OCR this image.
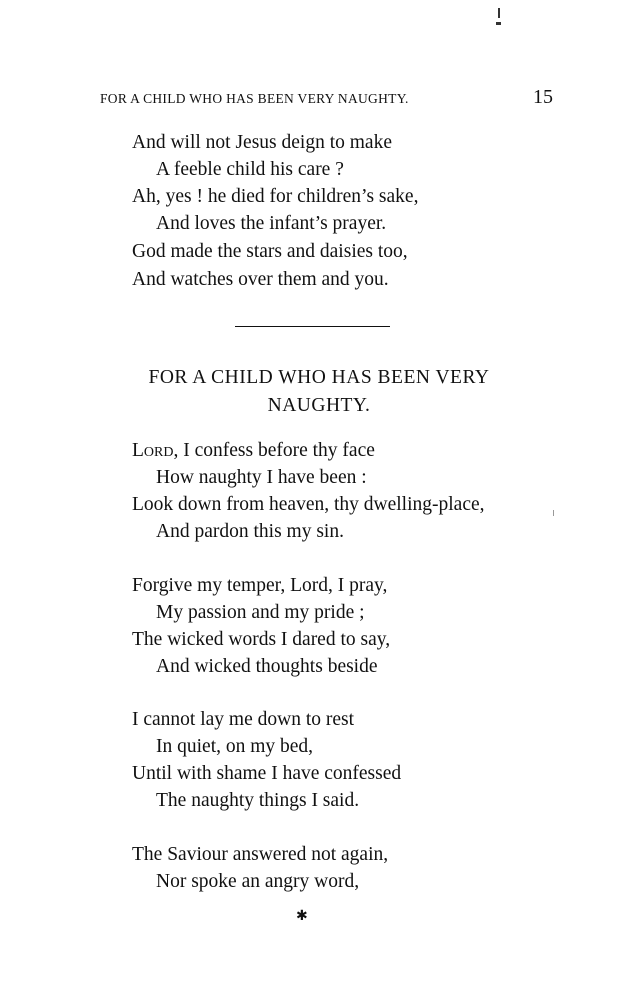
FOR A CHILD WHO HAS BEEN VERY NAUGHTY.	15
And will not Jesus deign to make
A feeble child his care ?
Ah, yes ! he died for children’s sake,
And loves the infant’s prayer.
God made the stars and daisies too,
And watches over them and you.
FOR A CHILD WHO HAS BEEN VERY
NAUGHTY.
Lord, I confess before thy face
How naughty I have been :
Look down from heaven, thy dwelling-place,
And pardon this my sin.
Forgive my temper, Lord, I pray,
My passion and my pride ;
The wicked words I dared to say,
And wicked thoughts beside
I cannot lay me down to rest
In quiet, on my bed,
Until with shame I have confessed
The naughty things I said.
The Saviour answered not again,
Nor spoke an angry word,
✱
